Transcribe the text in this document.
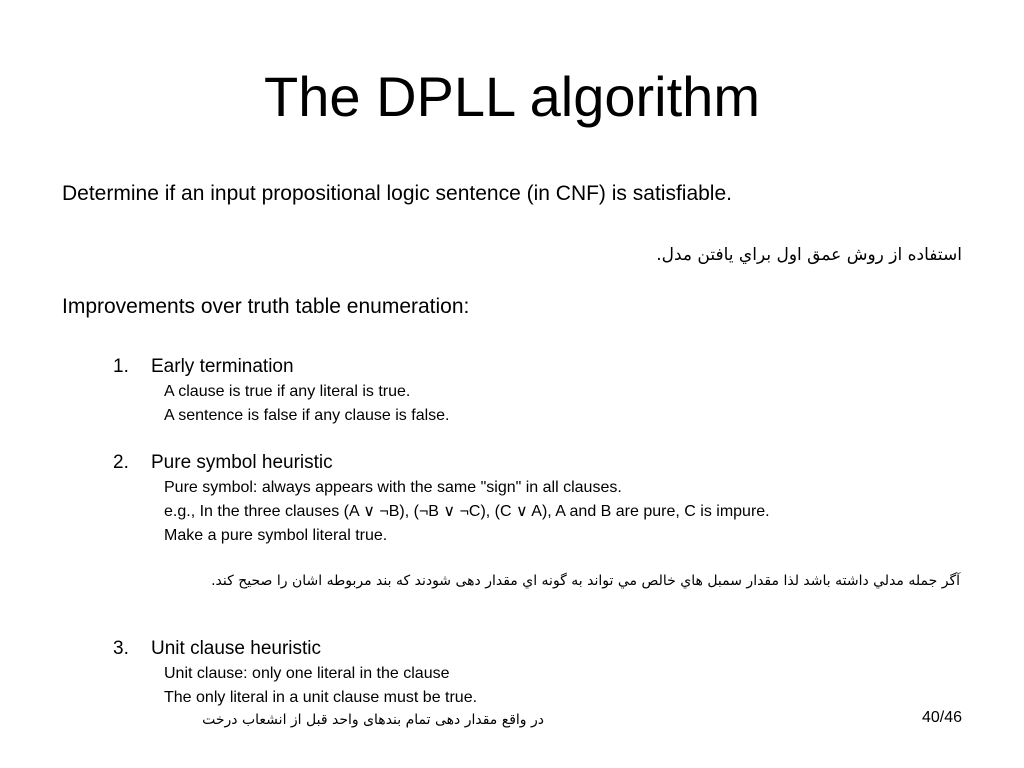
The DPLL algorithm
Determine if an input propositional logic sentence (in CNF) is satisfiable.
استفاده از روش عمق اول براي يافتن مدل.
Improvements over truth table enumeration:
1. Early termination
A clause is true if any literal is true.
A sentence is false if any clause is false.
2. Pure symbol heuristic
Pure symbol: always appears with the same "sign" in all clauses.
e.g., In the three clauses (A ∨ ¬B), (¬B ∨ ¬C), (C ∨ A), A and B are pure, C is impure.
Make a pure symbol literal true.
آگر جمله مدلي داشته باشد لذا مقدار سمبل هاي خالص مي تواند به گونه اي مقدار دهی شودند که بند مربوطه اشان را صحيح کند.
3. Unit clause heuristic
Unit clause: only one literal in the clause
The only literal in a unit clause must be true.
در واقع مقدار دهی تمام بندهای واحد قبل از انشعاب درخت	40/46
